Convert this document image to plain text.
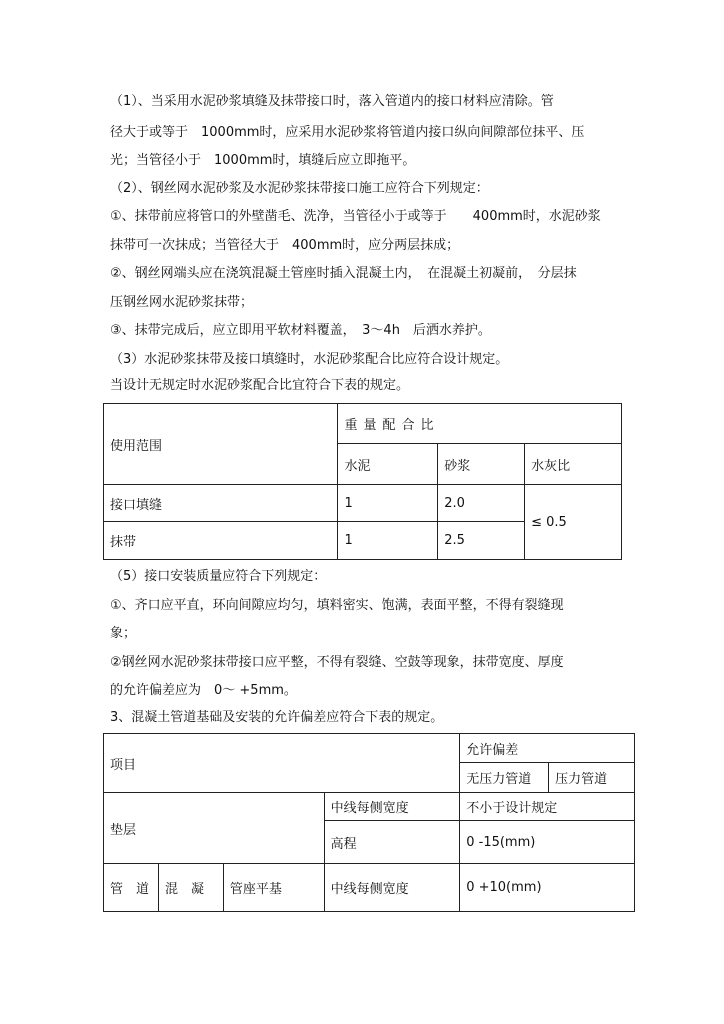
（1）、当采用水泥砂浆填缝及抹带接口时，落入管道内的接口材料应清除。管
径大于或等于　1000mm时，应采用水泥砂浆将管道内接口纵向间隙部位抹平、压
光；当管径小于　1000mm时，填缝后应立即拖平。
（2）、钢丝网水泥砂浆及水泥砂浆抹带接口施工应符合下列规定：
①、抹带前应将管口的外壁凿毛、洗净，当管径小于或等于　　400mm时，水泥砂浆
抹带可一次抹成；当管径大于　400mm时，应分两层抹成；
②、钢丝网端头应在浇筑混凝土管座时插入混凝土内，　在混凝土初凝前，　分层抹
压钢丝网水泥砂浆抹带；
③、抹带完成后，应立即用平软材料覆盖，　3～4h　后洒水养护。
（3）水泥砂浆抹带及接口填缝时，水泥砂浆配合比应符合设计规定。
当设计无规定时水泥砂浆配合比宜符合下表的规定。
使用范围	重量配合比		
	水泥	砂浆	水灰比
接口填缝	1	2.0	≤ 0.5
抹带	1	2.5	
（5）接口安装质量应符合下列规定：
①、齐口应平直，环向间隙应均匀，填料密实、饱满，表面平整，不得有裂缝现
象；
②钢丝网水泥砂浆抹带接口应平整，不得有裂缝、空鼓等现象，抹带宽度、厚度
的允许偏差应为　0～ +5mm。
3、混凝土管道基础及安装的允许偏差应符合下表的规定。
项目				允许偏差	
				无压力管道	压力管道
垫层			中线每侧宽度	不小于设计规定	
			高程	0 -15(mm)	
管　道	混　凝	管座平基	中线每侧宽度	0 +10(mm)	
